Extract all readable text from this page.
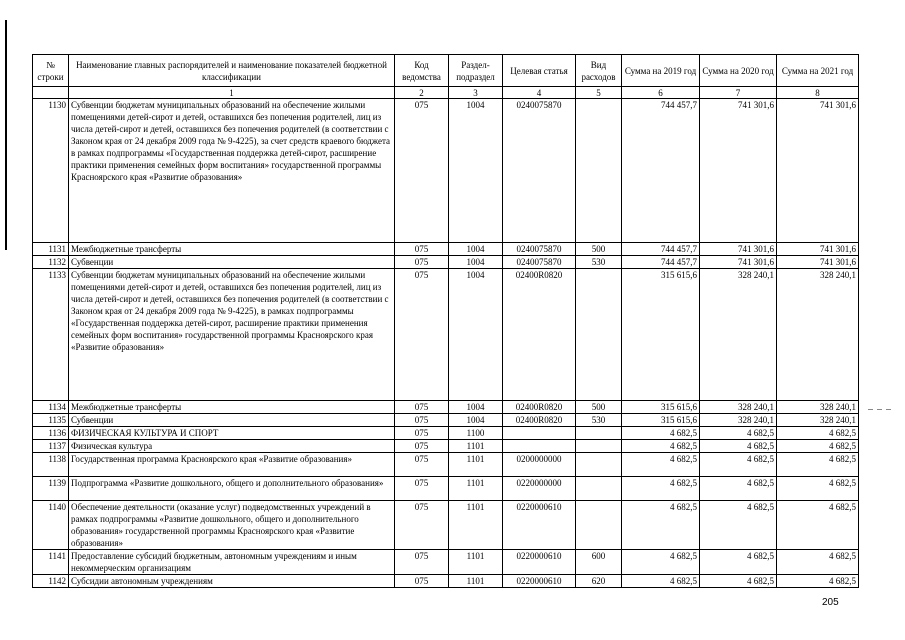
№ строки	Наименование главных распорядителей и наименование показателей бюджетной классификации	Код ведомства	Раздел-подраздел	Целевая статья	Вид расходов	Сумма на 2019 год	Сумма на 2020 год	Сумма на 2021 год
	1	2	3	4	5	6	7	8
1130	Субвенции бюджетам муниципальных образований на обеспечение жилыми помещениями детей-сирот и детей, оставшихся без попечения родителей, лиц из числа детей-сирот и детей, оставшихся без попечения родителей (в соответствии с Законом края от 24 декабря 2009 года № 9-4225), за счет средств краевого бюджета в рамках подпрограммы «Государственная поддержка детей-сирот, расширение практики применения семейных форм воспитания» государственной программы Красноярского края «Развитие образования»	075	1004	0240075870		744 457,7	741 301,6	741 301,6
1131	Межбюджетные трансферты	075	1004	0240075870	500	744 457,7	741 301,6	741 301,6
1132	Субвенции	075	1004	0240075870	530	744 457,7	741 301,6	741 301,6
1133	Субвенции бюджетам муниципальных образований на обеспечение жилыми помещениями детей-сирот и детей, оставшихся без попечения родителей, лиц из числа детей-сирот и детей, оставшихся без попечения родителей (в соответствии с Законом края от 24 декабря 2009 года № 9-4225), в рамках подпрограммы «Государственная поддержка детей-сирот, расширение практики применения семейных форм воспитания» государственной программы Красноярского края «Развитие образования»	075	1004	02400R0820		315 615,6	328 240,1	328 240,1
1134	Межбюджетные трансферты	075	1004	02400R0820	500	315 615,6	328 240,1	328 240,1
1135	Субвенции	075	1004	02400R0820	530	315 615,6	328 240,1	328 240,1
1136	ФИЗИЧЕСКАЯ КУЛЬТУРА И СПОРТ	075	1100			4 682,5	4 682,5	4 682,5
1137	Физическая культура	075	1101			4 682,5	4 682,5	4 682,5
1138	Государственная программа Красноярского края «Развитие образования»	075	1101	0200000000		4 682,5	4 682,5	4 682,5
1139	Подпрограмма «Развитие дошкольного, общего и дополнительного образования»	075	1101	0220000000		4 682,5	4 682,5	4 682,5
1140	Обеспечение деятельности (оказание услуг) подведомственных учреждений в рамках подпрограммы «Развитие дошкольного, общего и дополнительного образования» государственной программы Красноярского края «Развитие образования»	075	1101	0220000610		4 682,5	4 682,5	4 682,5
1141	Предоставление субсидий бюджетным, автономным учреждениям и иным некоммерческим организациям	075	1101	0220000610	600	4 682,5	4 682,5	4 682,5
1142	Субсидии автономным учреждениям	075	1101	0220000610	620	4 682,5	4 682,5	4 682,5
205
